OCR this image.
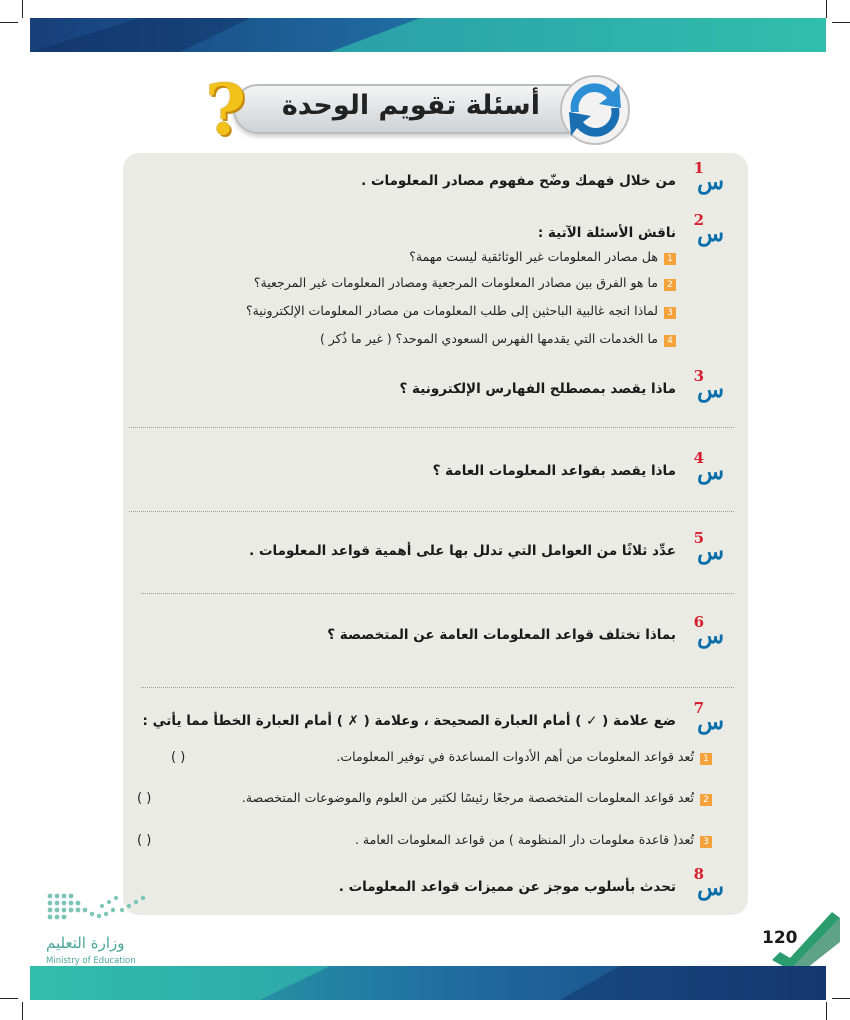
?	أسئلة تقويم الوحدة
س
1
من خلال فهمك وضّح مفهوم مصادر المعلومات .
س
2
ناقش الأسئلة الآتية :
1هل مصادر المعلومات غير الوثائقية ليست مهمة؟
2ما هو الفرق بين مصادر المعلومات المرجعية ومصادر المعلومات غير المرجعية؟
3لماذا اتجه غالبية الباحثين إلى طلب المعلومات من مصادر المعلومات الإلكترونية؟
4ما الخدمات التي يقدمها الفهرس السعودي الموحد؟ ( غير ما ذُكر )
س
3
ماذا يقصد بمصطلح الفهارس الإلكترونية ؟
س
4
ماذا يقصد بقواعد المعلومات العامة ؟
س
5
عدِّد ثلاثًا من العوامل التي تدلل بها على أهمية قواعد المعلومات .
س
6
بماذا تختلف قواعد المعلومات العامة عن المتخصصة ؟
س
7
ضع علامة ( ✓ ) أمام العبارة الصحيحة ، وعلامة ( ✗ ) أمام العبارة الخطأ مما يأتي :
1تُعد قواعد المعلومات من أهم الأدوات المساعدة في توفير المعلومات.
( )
2تُعد قواعد المعلومات المتخصصة مرجعًا رئيسًا لكثير من العلوم والموضوعات المتخصصة.
( )
3تُعد( قاعدة معلومات دار المنظومة ) من قواعد المعلومات العامة .
( )
س
8
تحدث بأسلوب موجز عن مميزات قواعد المعلومات .
وزارة التعليم
Ministry of Education
120
